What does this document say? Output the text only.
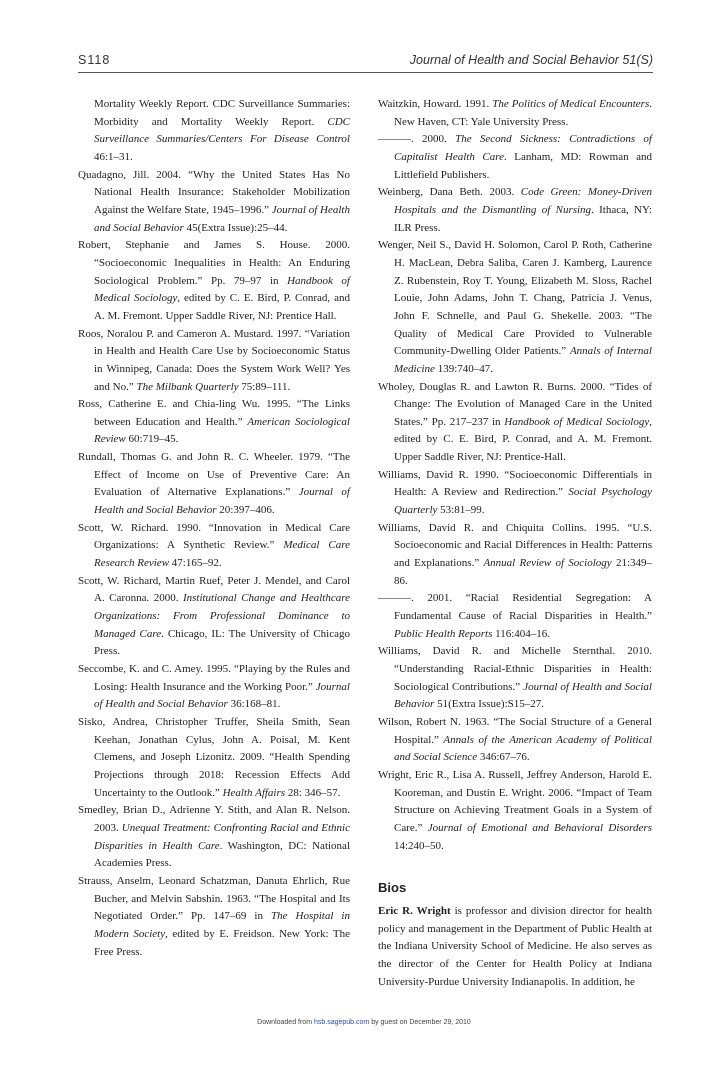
S118	Journal of Health and Social Behavior 51(S)

Mortality Weekly Report. CDC Surveillance Summaries: Morbidity and Mortality Weekly Report. CDC Surveillance Summaries/Centers For Disease Control 46:1–31.

Quadagno, Jill. 2004. “Why the United States Has No National Health Insurance: Stakeholder Mobilization Against the Welfare State, 1945–1996.” Journal of Health and Social Behavior 45(Extra Issue):25–44.

Robert, Stephanie and James S. House. 2000. “Socioeconomic Inequalities in Health: An Enduring Sociological Problem.” Pp. 79–97 in Handbook of Medical Sociology, edited by C. E. Bird, P. Conrad, and A. M. Fremont. Upper Saddle River, NJ: Prentice Hall.

Roos, Noralou P. and Cameron A. Mustard. 1997. “Variation in Health and Health Care Use by Socioeconomic Status in Winnipeg, Canada: Does the System Work Well? Yes and No.” The Milbank Quarterly 75:89–111.

Ross, Catherine E. and Chia-ling Wu. 1995. “The Links between Education and Health.” American Sociological Review 60:719–45.

Rundall, Thomas G. and John R. C. Wheeler. 1979. “The Effect of Income on Use of Preventive Care: An Evaluation of Alternative Explanations.” Journal of Health and Social Behavior 20:397–406.

Scott, W. Richard. 1990. “Innovation in Medical Care Organizations: A Synthetic Review.” Medical Care Research Review 47:165–92.

Scott, W. Richard, Martin Ruef, Peter J. Mendel, and Carol A. Caronna. 2000. Institutional Change and Healthcare Organizations: From Professional Dominance to Managed Care. Chicago, IL: The University of Chicago Press.

Seccombe, K. and C. Amey. 1995. “Playing by the Rules and Losing: Health Insurance and the Working Poor.” Journal of Health and Social Behavior 36:168–81.

Sisko, Andrea, Christopher Truffer, Sheila Smith, Sean Keehan, Jonathan Cylus, John A. Poisal, M. Kent Clemens, and Joseph Lizonitz. 2009. “Health Spending Projections through 2018: Recession Effects Add Uncertainty to the Outlook.” Health Affairs 28: 346–57.

Smedley, Brian D., Adrienne Y. Stith, and Alan R. Nelson. 2003. Unequal Treatment: Confronting Racial and Ethnic Disparities in Health Care. Washington, DC: National Academies Press.

Strauss, Anselm, Leonard Schatzman, Danuta Ehrlich, Rue Bucher, and Melvin Sabshin. 1963. “The Hospital and Its Negotiated Order.” Pp. 147–69 in The Hospital in Modern Society, edited by E. Freidson. New York: The Free Press.

Waitzkin, Howard. 1991. The Politics of Medical Encounters. New Haven, CT: Yale University Press.

———. 2000. The Second Sickness: Contradictions of Capitalist Health Care. Lanham, MD: Rowman and Littlefield Publishers.

Weinberg, Dana Beth. 2003. Code Green: Money-Driven Hospitals and the Dismantling of Nursing. Ithaca, NY: ILR Press.

Wenger, Neil S., David H. Solomon, Carol P. Roth, Catherine H. MacLean, Debra Saliba, Caren J. Kamberg, Laurence Z. Rubenstein, Roy T. Young, Elizabeth M. Sloss, Rachel Louie, John Adams, John T. Chang, Patricia J. Venus, John F. Schnelle, and Paul G. Shekelle. 2003. “The Quality of Medical Care Provided to Vulnerable Community-Dwelling Older Patients.” Annals of Internal Medicine 139:740–47.

Wholey, Douglas R. and Lawton R. Burns. 2000. “Tides of Change: The Evolution of Managed Care in the United States.” Pp. 217–237 in Handbook of Medical Sociology, edited by C. E. Bird, P. Conrad, and A. M. Fremont. Upper Saddle River, NJ: Prentice-Hall.

Williams, David R. 1990. “Socioeconomic Differentials in Health: A Review and Redirection.” Social Psychology Quarterly 53:81–99.

Williams, David R. and Chiquita Collins. 1995. “U.S. Socioeconomic and Racial Differences in Health: Patterns and Explanations.” Annual Review of Sociology 21:349–86.

———. 2001. “Racial Residential Segregation: A Fundamental Cause of Racial Disparities in Health.” Public Health Reports 116:404–16.

Williams, David R. and Michelle Sternthal. 2010. “Understanding Racial-Ethnic Disparities in Health: Sociological Contributions.” Journal of Health and Social Behavior 51(Extra Issue):S15–27.

Wilson, Robert N. 1963. “The Social Structure of a General Hospital.” Annals of the American Academy of Political and Social Science 346:67–76.

Wright, Eric R., Lisa A. Russell, Jeffrey Anderson, Harold E. Kooreman, and Dustin E. Wright. 2006. “Impact of Team Structure on Achieving Treatment Goals in a System of Care.” Journal of Emotional and Behavioral Disorders 14:240–50.

Bios

Eric R. Wright is professor and division director for health policy and management in the Department of Public Health at the Indiana University School of Medicine. He also serves as the director of the Center for Health Policy at Indiana University-Purdue University Indianapolis. In addition, he

Downloaded from hsb.sagepub.com by guest on December 29, 2010
